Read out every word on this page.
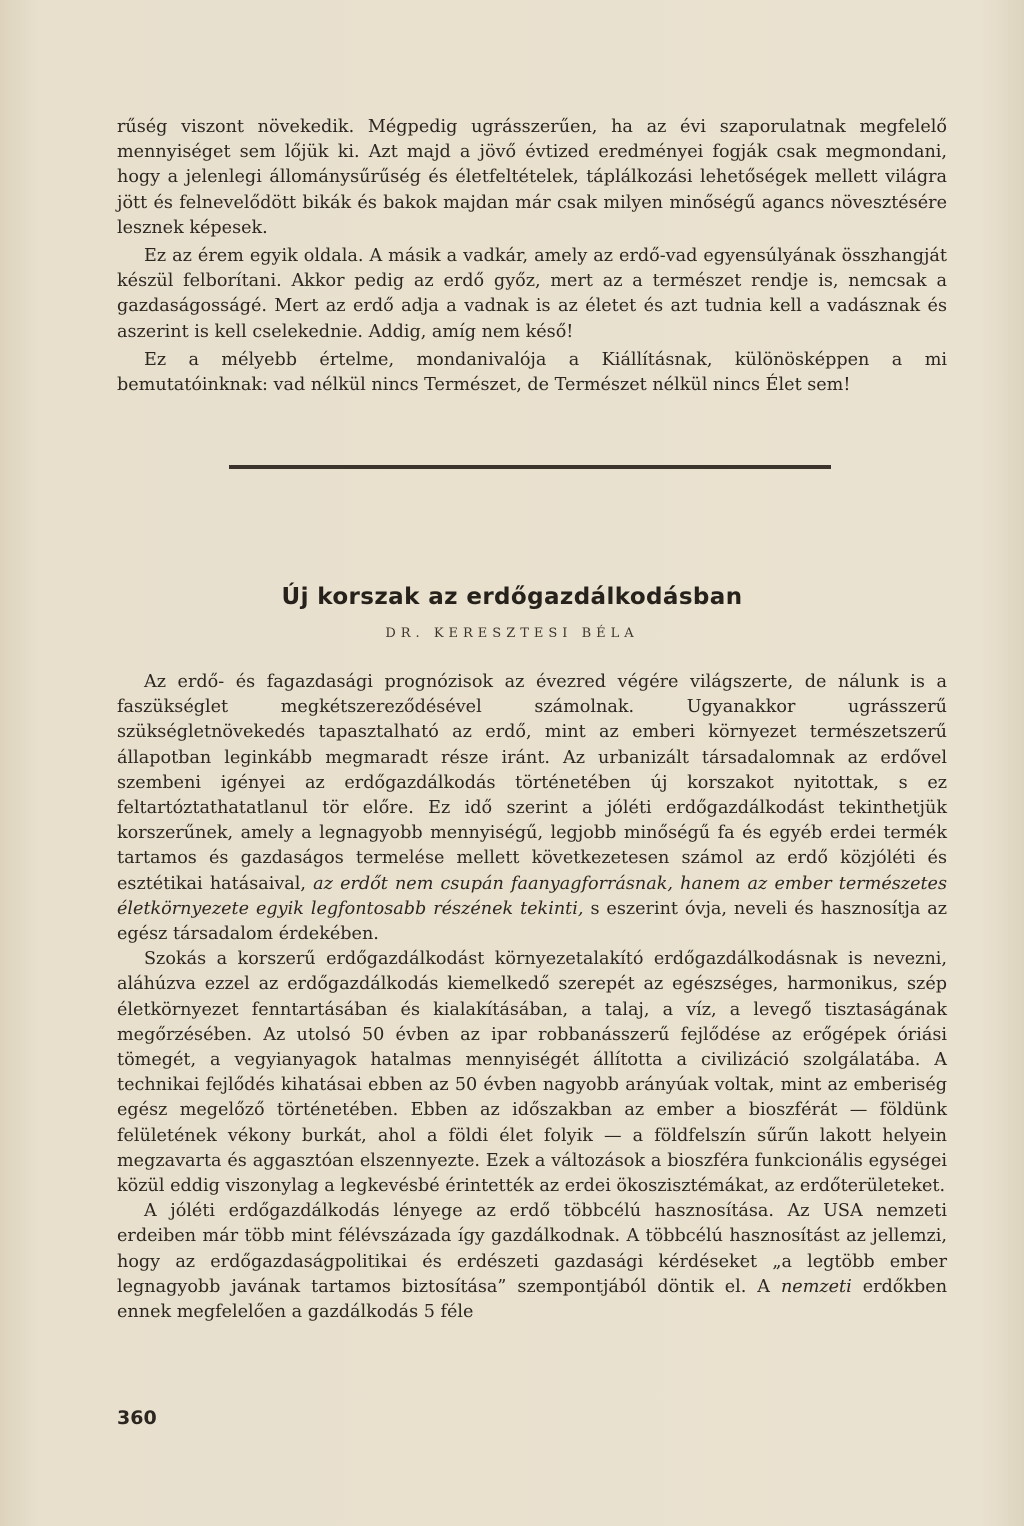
rűség viszont növekedik. Mégpedig ugrásszerűen, ha az évi szaporulatnak megfelelő mennyiséget sem lőjük ki. Azt majd a jövő évtized eredményei fogják csak megmondani, hogy a jelenlegi állománysűrűség és életfeltételek, táplálkozási lehetőségek mellett világra jött és felnevelődött bikák és bakok majdan már csak milyen minőségű agancs növesztésére lesznek képesek.

Ez az érem egyik oldala. A másik a vadkár, amely az erdő-vad egyensúlyának összhangját készül felborítani. Akkor pedig az erdő győz, mert az a természet rendje is, nemcsak a gazdaságosságé. Mert az erdő adja a vadnak is az életet és azt tudnia kell a vadásznak és aszerint is kell cselekednie. Addig, amíg nem késő!

Ez a mélyebb értelme, mondanivalója a Kiállításnak, különösképpen a mi bemutatóinknak: vad nélkül nincs Természet, de Természet nélkül nincs Élet sem!

Új korszak az erdőgazdálkodásban
DR. KERESZTESI BÉLA

Az erdő- és fagazdasági prognózisok az évezred végére világszerte, de nálunk is a faszükséglet megkétszereződésével számolnak. Ugyanakkor ugrásszerű szükségletnövekedés tapasztalható az erdő, mint az emberi környezet természetszerű állapotban leginkább megmaradt része iránt. Az urbanizált társadalomnak az erdővel szembeni igényei az erdőgazdálkodás történetében új korszakot nyitottak, s ez feltartóztathatatlanul tör előre. Ez idő szerint a jóléti erdőgazdálkodást tekinthetjük korszerűnek, amely a legnagyobb mennyiségű, legjobb minőségű fa és egyéb erdei termék tartamos és gazdaságos termelése mellett következetesen számol az erdő közjóléti és esztétikai hatásaival, az erdőt nem csupán faanyagforrásnak, hanem az ember természetes életkörnyezete egyik legfontosabb részének tekinti, s eszerint óvja, neveli és hasznosítja az egész társadalom érdekében.

Szokás a korszerű erdőgazdálkodást környezetalakító erdőgazdálkodásnak is nevezni, aláhúzva ezzel az erdőgazdálkodás kiemelkedő szerepét az egészséges, harmonikus, szép életkörnyezet fenntartásában és kialakításában, a talaj, a víz, a levegő tisztaságának megőrzésében. Az utolsó 50 évben az ipar robbanásszerű fejlődése az erőgépek óriási tömegét, a vegyianyagok hatalmas mennyiségét állította a civilizáció szolgálatába. A technikai fejlődés kihatásai ebben az 50 évben nagyobb arányúak voltak, mint az emberiség egész megelőző történetében. Ebben az időszakban az ember a bioszférát — földünk felületének vékony burkát, ahol a földi élet folyik — a földfelszín sűrűn lakott helyein megzavarta és aggasztóan elszennyezte. Ezek a változások a bioszféra funkcionális egységei közül eddig viszonylag a legkevésbé érintették az erdei ökoszisztémákat, az erdőterületeket.

A jóléti erdőgazdálkodás lényege az erdő többcélú hasznosítása. Az USA nemzeti erdeiben már több mint félévszázada így gazdálkodnak. A többcélú hasznosítást az jellemzi, hogy az erdőgazdaságpolitikai és erdészeti gazdasági kérdéseket „a legtöbb ember legnagyobb javának tartamos biztosítása” szempontjából döntik el. A nemzeti erdőkben ennek megfelelően a gazdálkodás 5 féle

360
